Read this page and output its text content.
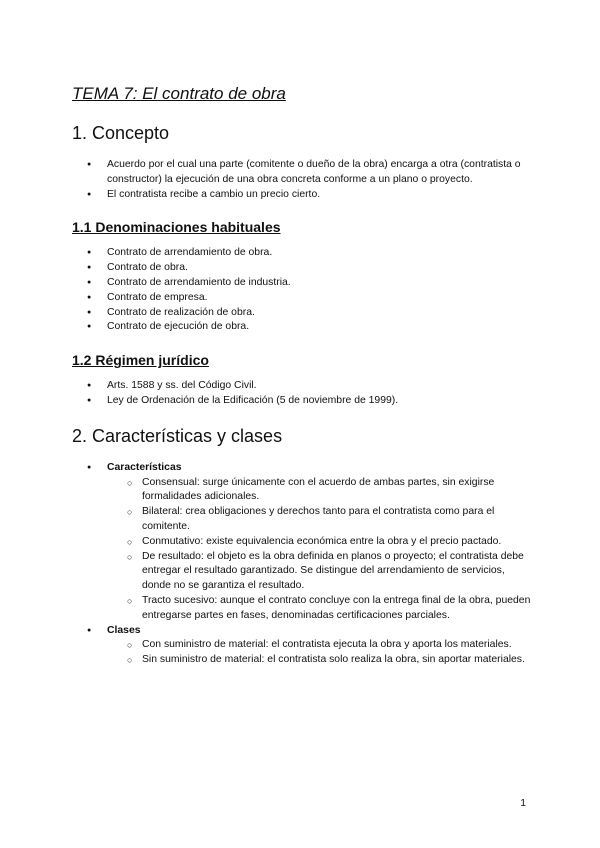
TEMA 7: El contrato de obra
1. Concepto
● Acuerdo por el cual una parte (comitente o dueño de la obra) encarga a otra (contratista o constructor) la ejecución de una obra concreta conforme a un plano o proyecto.
● El contratista recibe a cambio un precio cierto.
1.1 Denominaciones habituales
● Contrato de arrendamiento de obra.
● Contrato de obra.
● Contrato de arrendamiento de industria.
● Contrato de empresa.
● Contrato de realización de obra.
● Contrato de ejecución de obra.
1.2 Régimen jurídico
● Arts. 1588 y ss. del Código Civil.
● Ley de Ordenación de la Edificación (5 de noviembre de 1999).
2. Características y clases
● Características
○ Consensual: surge únicamente con el acuerdo de ambas partes, sin exigirse formalidades adicionales.
○ Bilateral: crea obligaciones y derechos tanto para el contratista como para el comitente.
○ Conmutativo: existe equivalencia económica entre la obra y el precio pactado.
○ De resultado: el objeto es la obra definida en planos o proyecto; el contratista debe entregar el resultado garantizado. Se distingue del arrendamiento de servicios, donde no se garantiza el resultado.
○ Tracto sucesivo: aunque el contrato concluye con la entrega final de la obra, pueden entregarse partes en fases, denominadas certificaciones parciales.
● Clases
○ Con suministro de material: el contratista ejecuta la obra y aporta los materiales.
○ Sin suministro de material: el contratista solo realiza la obra, sin aportar materiales.
1
